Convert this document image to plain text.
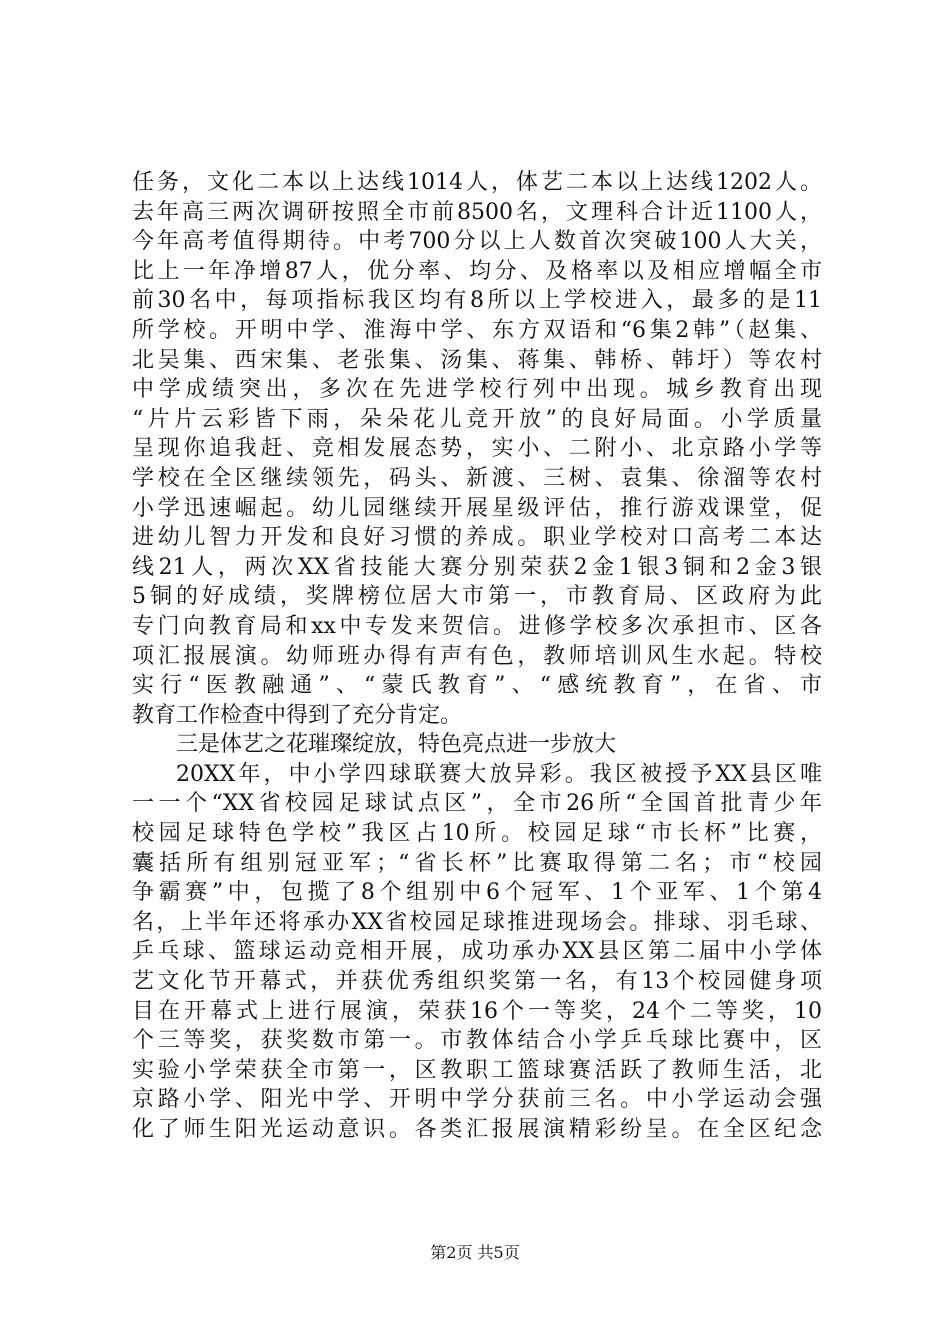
任务，文化二本以上达线1014人，体艺二本以上达线1202人。
去年高三两次调研按照全市前8500名，文理科合计近1100人，
今年高考值得期待。中考700分以上人数首次突破100人大关，
比上一年净增87人，优分率、均分、及格率以及相应增幅全市
前30名中，每项指标我区均有8所以上学校进入，最多的是11
所学校。开明中学、淮海中学、东方双语和“6集2韩”（赵集、
北吴集、西宋集、老张集、汤集、蒋集、韩桥、韩圩）等农村
中学成绩突出，多次在先进学校行列中出现。城乡教育出现
“片片云彩皆下雨，朵朵花儿竞开放”的良好局面。小学质量
呈现你追我赶、竞相发展态势，实小、二附小、北京路小学等
学校在全区继续领先，码头、新渡、三树、袁集、徐溜等农村
小学迅速崛起。幼儿园继续开展星级评估，推行游戏课堂，促
进幼儿智力开发和良好习惯的养成。职业学校对口高考二本达
线21人，两次XX省技能大赛分别荣获2金1银3铜和2金3银
5铜的好成绩，奖牌榜位居大市第一，市教育局、区政府为此
专门向教育局和xx中专发来贺信。进修学校多次承担市、区各
项汇报展演。幼师班办得有声有色，教师培训风生水起。特校
实行“医教融通”、“蒙氏教育”、“感统教育”，在省、市
教育工作检查中得到了充分肯定。
三是体艺之花璀璨绽放，特色亮点进一步放大
20XX年，中小学四球联赛大放异彩。我区被授予XX县区唯
一一个“XX省校园足球试点区”，全市26所“全国首批青少年
校园足球特色学校”我区占10所。校园足球“市长杯”比赛，
囊括所有组别冠亚军；“省长杯”比赛取得第二名；市“校园
争霸赛”中，包揽了8个组别中6个冠军、1个亚军、1个第4
名，上半年还将承办XX省校园足球推进现场会。排球、羽毛球、
乒乓球、篮球运动竞相开展，成功承办XX县区第二届中小学体
艺文化节开幕式，并获优秀组织奖第一名，有13个校园健身项
目在开幕式上进行展演，荣获16个一等奖，24个二等奖，10
个三等奖，获奖数市第一。市教体结合小学乒乓球比赛中，区
实验小学荣获全市第一，区教职工篮球赛活跃了教师生活，北
京路小学、阳光中学、开明中学分获前三名。中小学运动会强
化了师生阳光运动意识。各类汇报展演精彩纷呈。在全区纪念
第2页 共5页
